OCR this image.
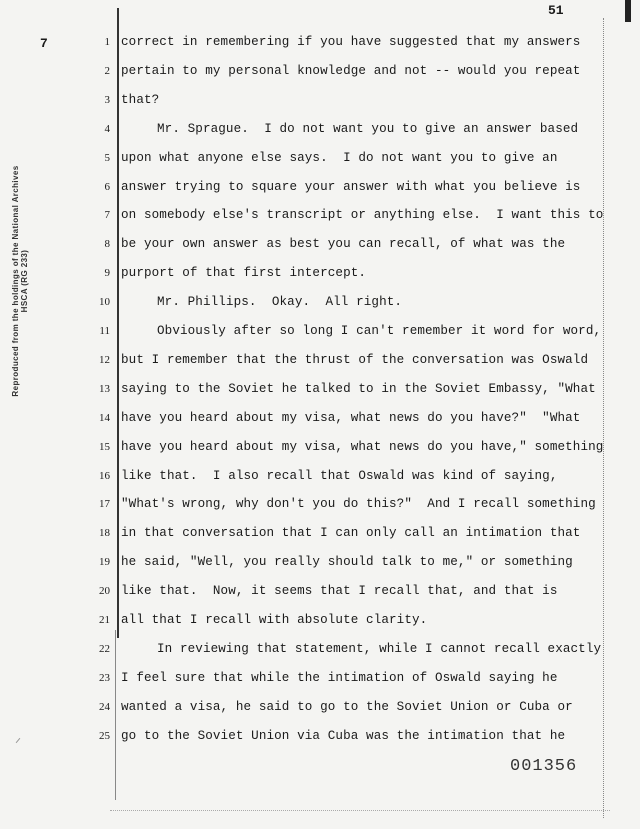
51
7
Reproduced from the holdings of the National Archives HSCA (RG 233)
1 correct in remembering if you have suggested that my answers
2 pertain to my personal knowledge and not -- would you repeat
3 that?
4	Mr. Sprague.  I do not want you to give an answer based
5 upon what anyone else says.  I do not want you to give an
6 answer trying to square your answer with what you believe is
7 on somebody else's transcript or anything else.  I want this to
8 be your own answer as best you can recall, of what was the
9 purport of that first intercept.
10	Mr. Phillips.  Okay.  All right.
11	Obviously after so long I can't remember it word for word,
12 but I remember that the thrust of the conversation was Oswald
13 saying to the Soviet he talked to in the Soviet Embassy, "What
14 have you heard about my visa, what news do you have?"  "What
15 have you heard about my visa, what news do you have," something
16 like that.  I also recall that Oswald was kind of saying,
17 "What's wrong, why don't you do this?"  And I recall something
18 in that conversation that I can only call an intimation that
19 he said, "Well, you really should talk to me," or something
20 like that.  Now, it seems that I recall that, and that is
21 all that I recall with absolute clarity.
22	In reviewing that statement, while I cannot recall exactly
23 I feel sure that while the intimation of Oswald saying he
24 wanted a visa, he said to go to the Soviet Union or Cuba or
25 go to the Soviet Union via Cuba was the intimation that he
001356
